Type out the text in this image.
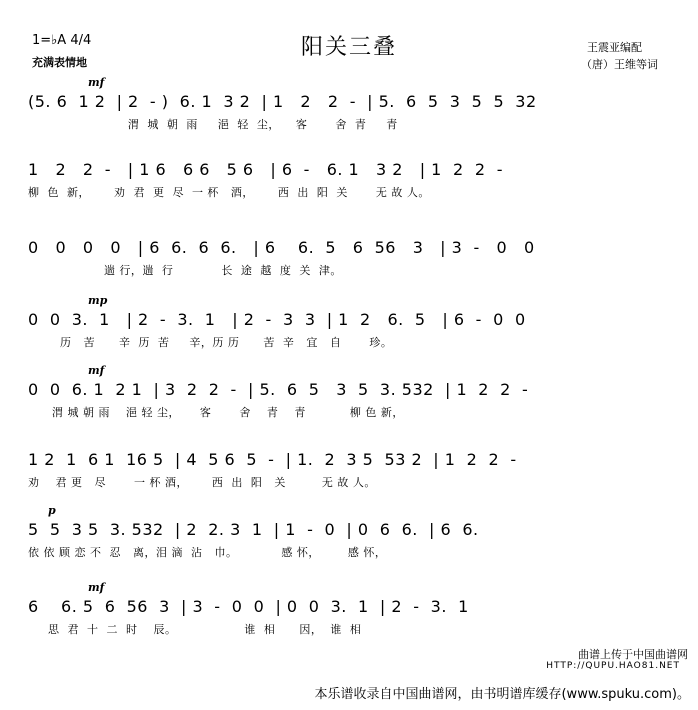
1=♭A 4/4
充满表情地
阳关三叠	王震亚编配
（唐）王维等词
mf
(5. 6  1 2  | 2  - )  6. 1  3 2  | 1   2   2  -  | 5.  6  5  3  5  5  32
渭  城  朝  雨     浥  轻  尘，    客       舍  青     青
1   2   2  -   | 1 6   6 6   5 6   | 6  -   6. 1   3 2   | 1  2  2  -
柳  色  新，      劝  君  更  尽  一 杯   酒，      西  出  阳  关       无 故 人。
0   0   0   0   | 6  6.  6  6.   | 6    6.  5   6  56   3   | 3  -   0   0
遄 行，遄  行            长  途  越  度  关  津。
mp
0  0  3.  1   | 2  -  3.  1   | 2  -  3  3  | 1  2   6.  5   | 6  -  0  0
历   苦      辛  历  苦     辛，历 历      苦  辛   宜   自       珍。
mf
0  0  6. 1  2 1  | 3  2  2  -  | 5.  6  5   3  5  3. 532  | 1  2  2  -
渭 城 朝 雨    浥 轻 尘，     客       舍    青    青           柳 色 新，
1 2  1  6 1  16 5  | 4  5 6  5  -  | 1.  2  3 5  53 2  | 1  2  2  -
劝    君 更   尽       一 杯 酒，      西  出  阳   关         无 故 人。
p
5  5  3 5  3. 532  | 2  2. 3  1  | 1  -  0  | 0  6  6.  | 6  6.
依 依 顾 恋 不  忍   离，泪 滴  沾   巾。           感 怀，       感 怀，
mf
6    6. 5  6  56  3  | 3  -  0  0  | 0  0  3.  1  | 2  -  3.  1
思  君  十  二  时    辰。                 谁  相      因，  谁  相
曲谱上传于中国曲谱网
HTTP://QUPU.HAO81.NET
本乐谱收录自中国曲谱网，由书明谱库缓存(www.spuku.com)。
